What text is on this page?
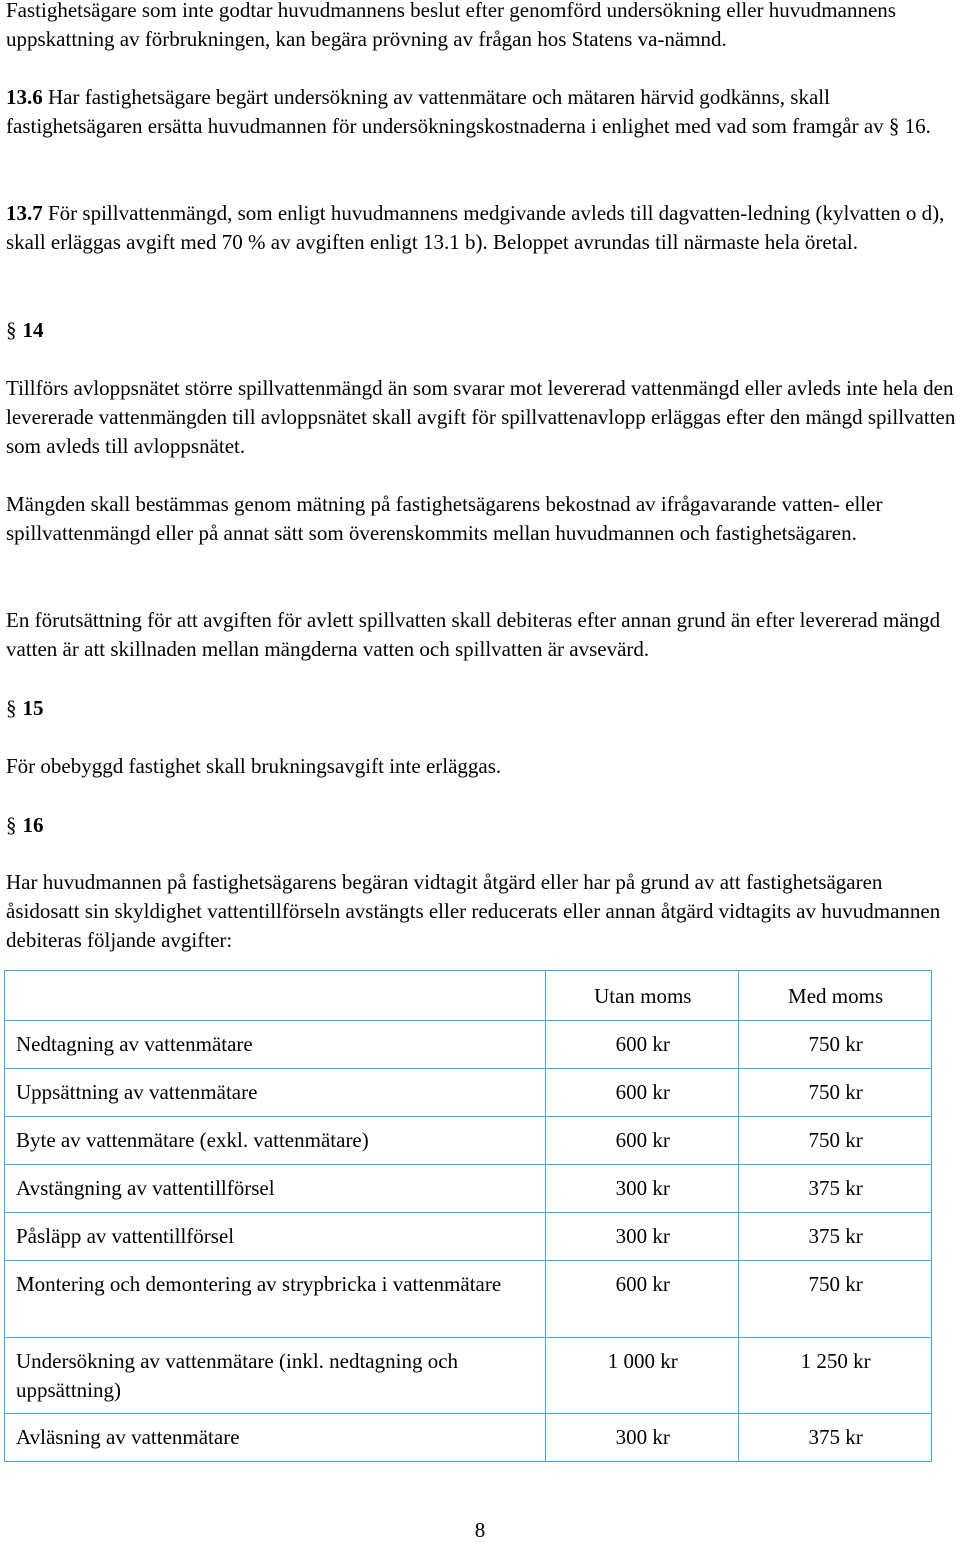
Fastighetsägare som inte godtar huvudmannens beslut efter genomförd undersökning eller huvudmannens uppskattning av förbrukningen, kan begära prövning av frågan hos Statens va-nämnd.

13.6 Har fastighetsägare begärt undersökning av vattenmätare och mätaren härvid godkänns, skall fastighetsägaren ersätta huvudmannen för undersökningskostnaderna i enlighet med vad som framgår av § 16.

13.7 För spillvattenmängd, som enligt huvudmannens medgivande avleds till dagvatten-ledning (kylvatten o d), skall erläggas avgift med 70 % av avgiften enligt 13.1 b). Beloppet avrundas till närmaste hela öretal.

§ 14

Tillförs avloppsnätet större spillvattenmängd än som svarar mot levererad vattenmängd eller avleds inte hela den levererade vattenmängden till avloppsnätet skall avgift för spillvattenavlopp erläggas efter den mängd spillvatten som avleds till avloppsnätet.

Mängden skall bestämmas genom mätning på fastighetsägarens bekostnad av ifrågavarande vatten- eller spillvattenmängd eller på annat sätt som överenskommits mellan huvudmannen och fastighetsägaren.

En förutsättning för att avgiften för avlett spillvatten skall debiteras efter annan grund än efter levererad mängd vatten är att skillnaden mellan mängderna vatten och spillvatten är avsevärd.

§ 15

För obebyggd fastighet skall brukningsavgift inte erläggas.

§ 16

Har huvudmannen på fastighetsägarens begäran vidtagit åtgärd eller har på grund av att fastighetsägaren åsidosatt sin skyldighet vattentillförseln avstängts eller reducerats eller annan åtgärd vidtagits av huvudmannen debiteras följande avgifter:

	Utan moms	Med moms
Nedtagning av vattenmätare	600 kr	750 kr
Uppsättning av vattenmätare	600 kr	750 kr
Byte av vattenmätare (exkl. vattenmätare)	600 kr	750 kr
Avstängning av vattentillförsel	300 kr	375 kr
Påsläpp av vattentillförsel	300 kr	375 kr
Montering och demontering av strypbricka i vattenmätare	600 kr	750 kr
Undersökning av vattenmätare (inkl. nedtagning och uppsättning)	1 000 kr	1 250 kr
Avläsning av vattenmätare	300 kr	375 kr
8
